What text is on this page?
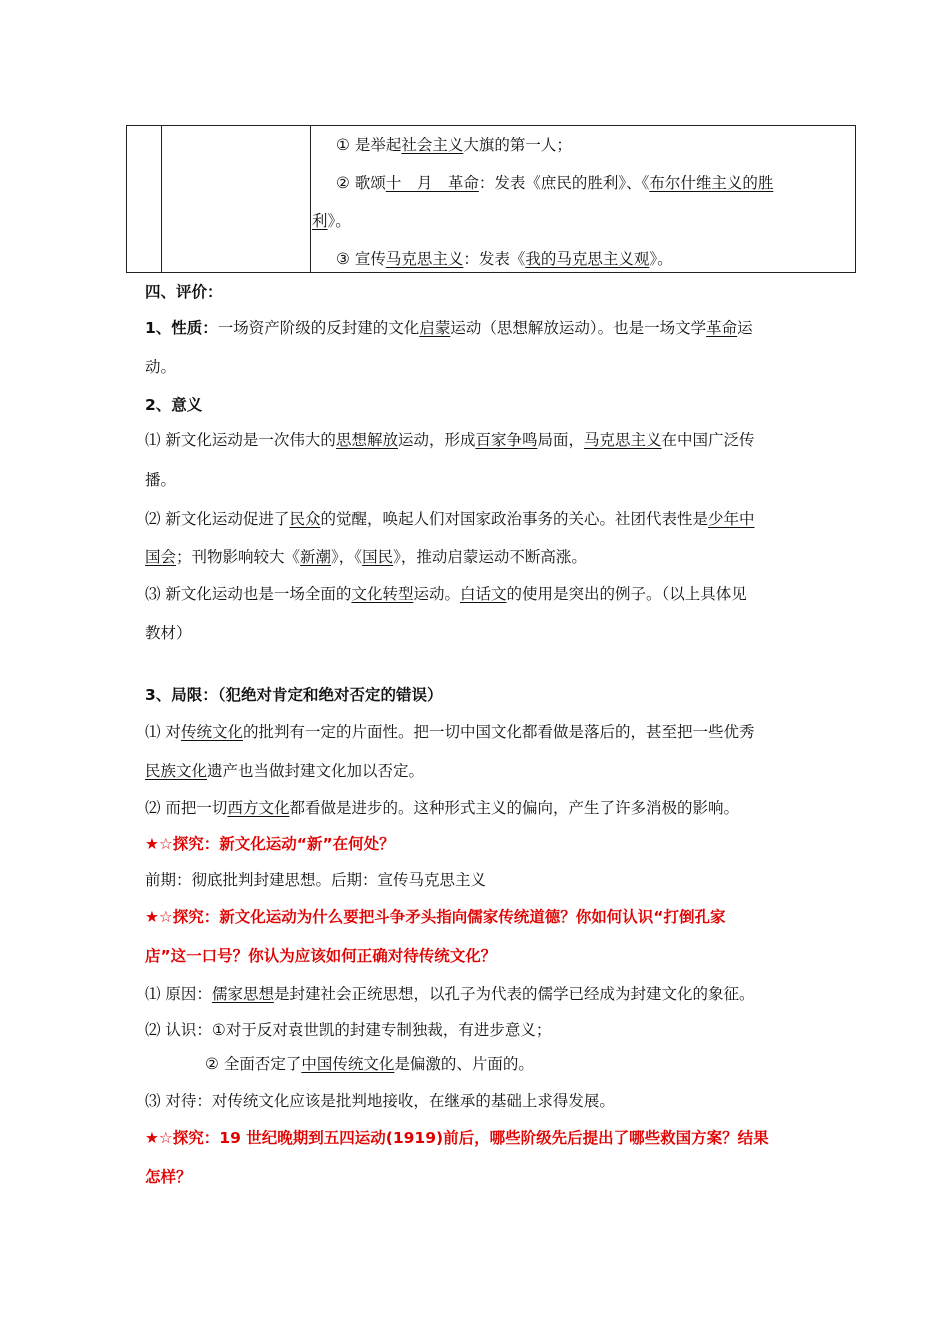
① 是举起社会主义大旗的第一人；

② 歌颂十　月　革命：发表《庶民的胜利》、《布尔什维主义的胜

利》。

③ 宣传马克思主义：发表《我的马克思主义观》。

四、评价：
1、性质：一场资产阶级的反封建的文化启蒙运动（思想解放运动）。也是一场文学革命运
动。
2、意义
⑴ 新文化运动是一次伟大的思想解放运动，形成百家争鸣局面，马克思主义在中国广泛传
播。
⑵ 新文化运动促进了民众的觉醒，唤起人们对国家政治事务的关心。社团代表性是少年中
国会；刊物影响较大《新潮》，《国民》，推动启蒙运动不断高涨。
⑶ 新文化运动也是一场全面的文化转型运动。白话文的使用是突出的例子。（以上具体见
教材）
3、局限：（犯绝对肯定和绝对否定的错误）
⑴ 对传统文化的批判有一定的片面性。把一切中国文化都看做是落后的，甚至把一些优秀
民族文化遗产也当做封建文化加以否定。
⑵ 而把一切西方文化都看做是进步的。这种形式主义的偏向，产生了许多消极的影响。
★☆探究：新文化运动“新”在何处？
前期：彻底批判封建思想。后期：宣传马克思主义
★☆探究：新文化运动为什么要把斗争矛头指向儒家传统道德？你如何认识“打倒孔家
店”这一口号？你认为应该如何正确对待传统文化？
⑴ 原因：儒家思想是封建社会正统思想，以孔子为代表的儒学已经成为封建文化的象征。
⑵ 认识：①对于反对袁世凯的封建专制独裁，有进步意义；
② 全面否定了中国传统文化是偏激的、片面的。
⑶ 对待：对传统文化应该是批判地接收，在继承的基础上求得发展。
★☆探究：19 世纪晚期到五四运动(1919)前后，哪些阶级先后提出了哪些救国方案？结果
怎样？
